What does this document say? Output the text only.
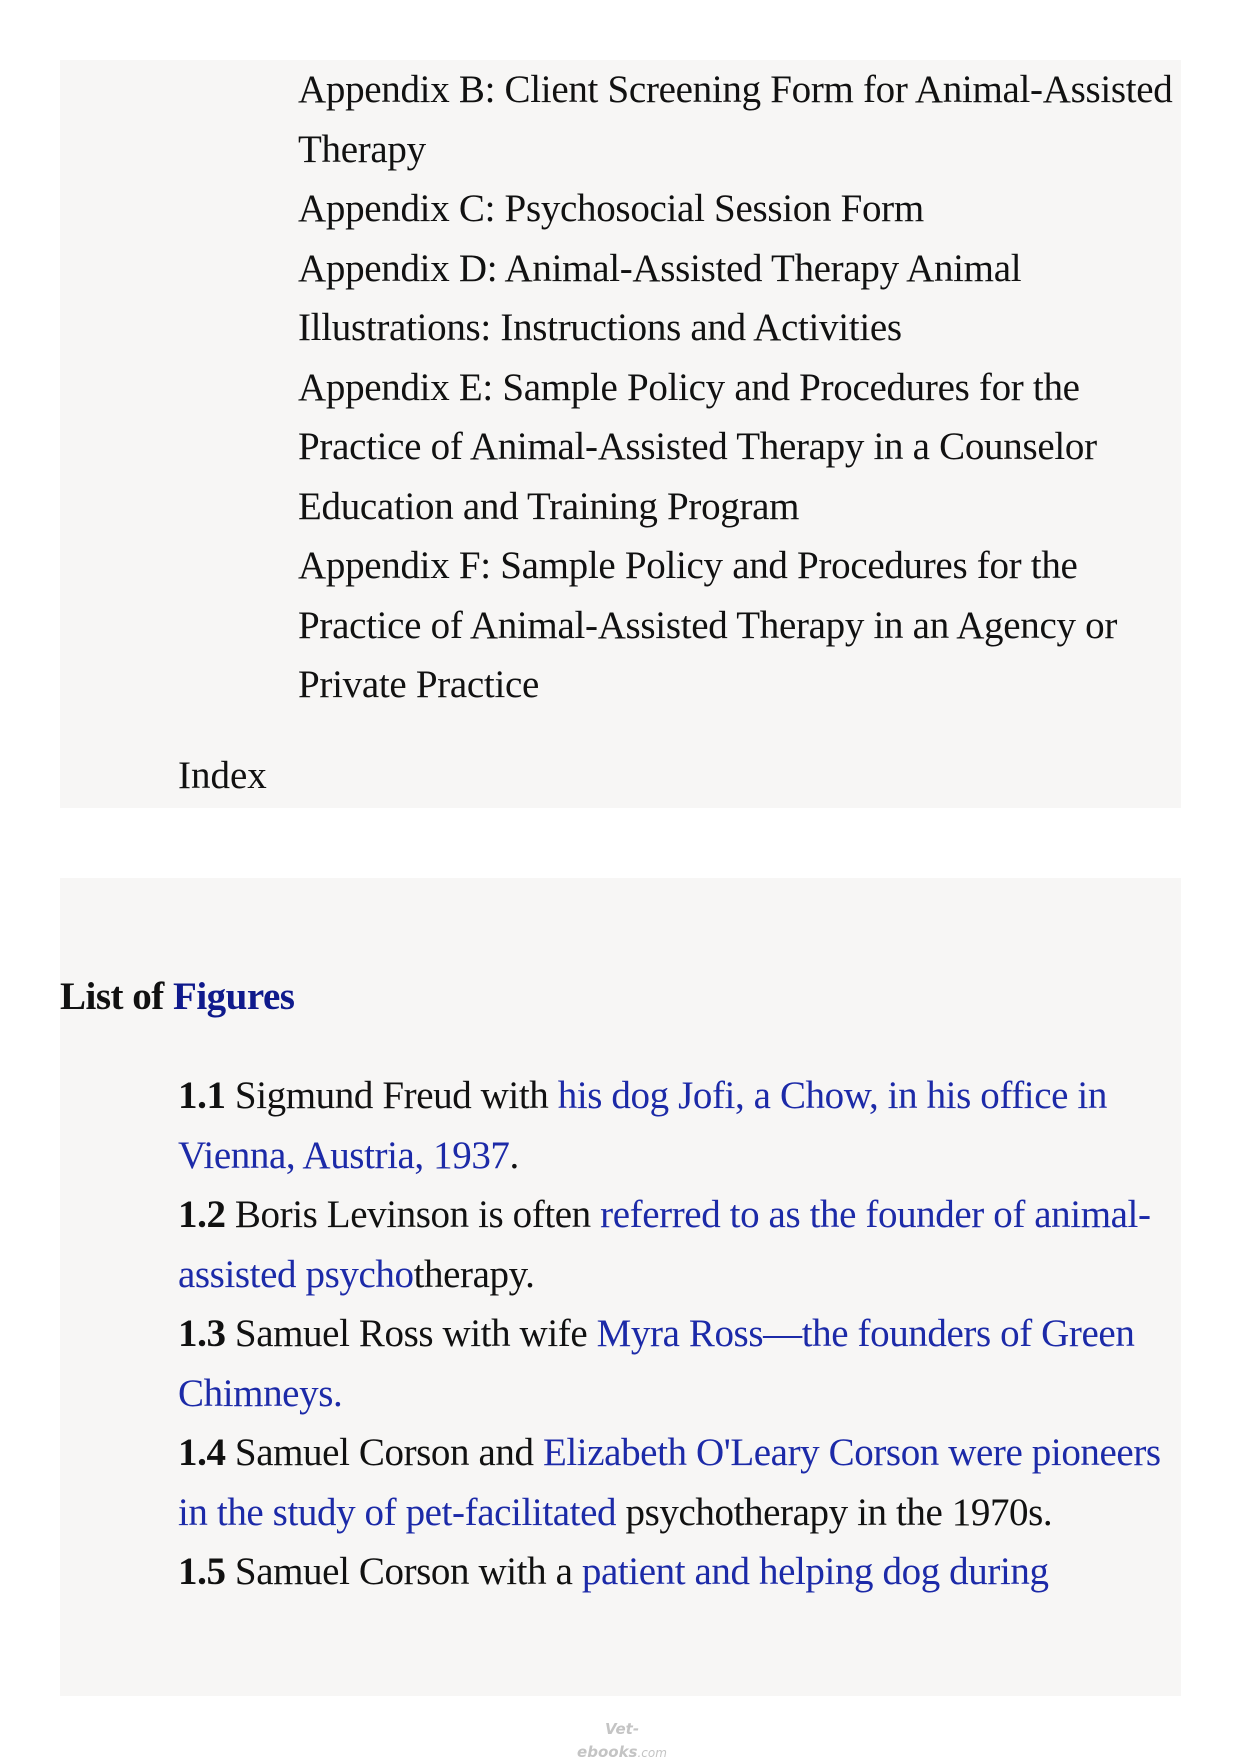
Appendix B: Client Screening Form for Animal-Assisted Therapy
Appendix C: Psychosocial Session Form
Appendix D: Animal-Assisted Therapy Animal Illustrations: Instructions and Activities
Appendix E: Sample Policy and Procedures for the Practice of Animal-Assisted Therapy in a Counselor Education and Training Program
Appendix F: Sample Policy and Procedures for the Practice of Animal-Assisted Therapy in an Agency or Private Practice
Index
List of Figures
1.1 Sigmund Freud with his dog Jofi, a Chow, in his office in Vienna, Austria, 1937.
1.2 Boris Levinson is often referred to as the founder of animal-assisted psychotherapy.
1.3 Samuel Ross with wife Myra Ross—the founders of Green Chimneys.
1.4 Samuel Corson and Elizabeth O'Leary Corson were pioneers in the study of pet-facilitated psychotherapy in the 1970s.
1.5 Samuel Corson with a patient and helping dog during
Vet-ebooks.com
